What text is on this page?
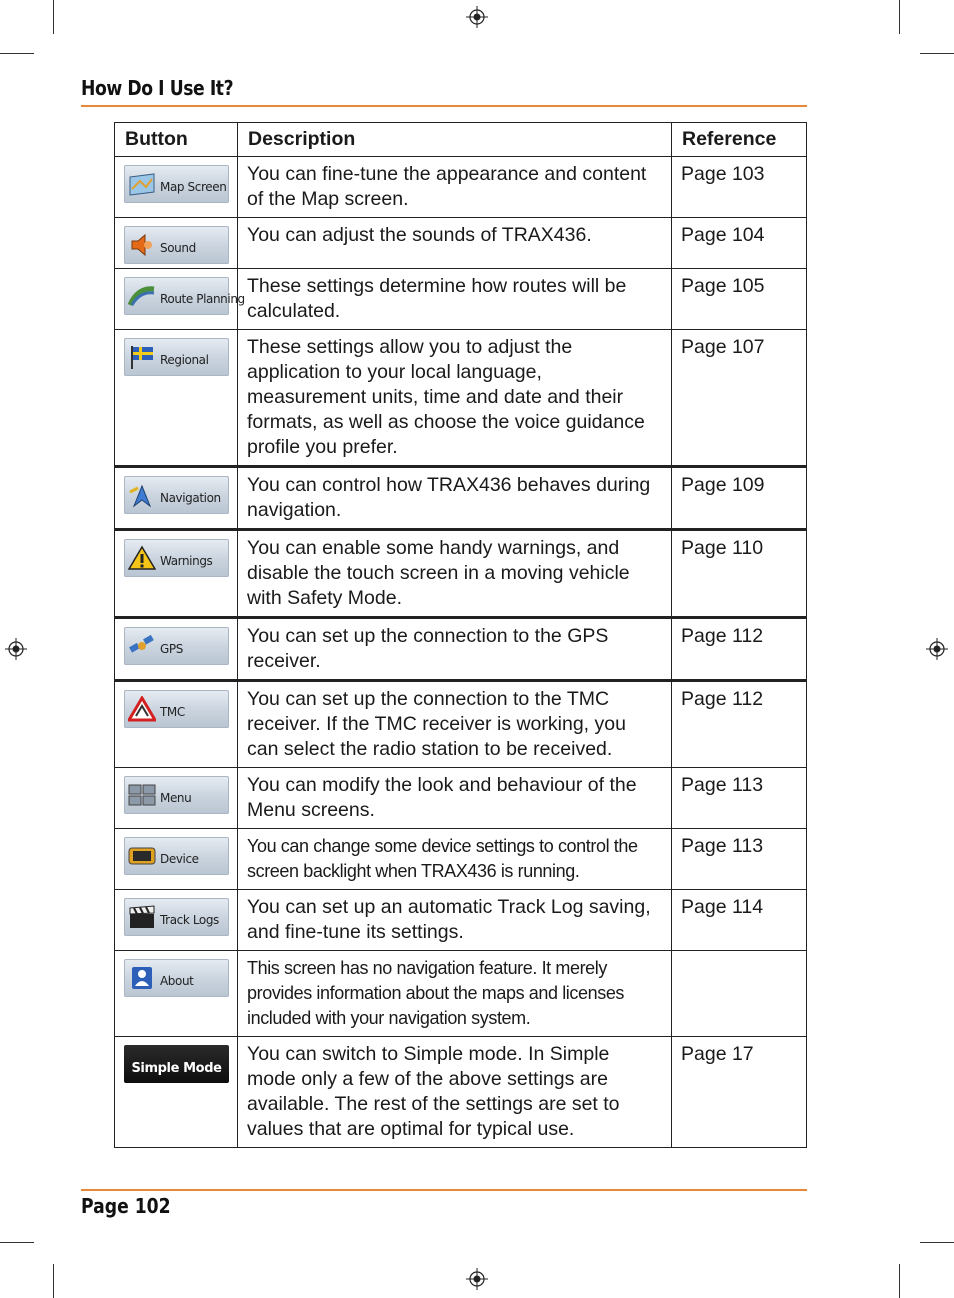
How Do I Use It?
Button	Description	Reference

Map Screen	You can fine-tune the appearance and content of the Map screen.	Page 103

Sound	You can adjust the sounds of TRAX436.	Page 104

Route Planning	These settings determine how routes will be calculated.	Page 105

Regional	These settings allow you to adjust the application to your local language, measurement units, time and date and their formats, as well as choose the voice guidance profile you prefer.	Page 107

Navigation	You can control how TRAX436 behaves during navigation.	Page 109

Warnings	You can enable some handy warnings, and disable the touch screen in a moving vehicle with Safety Mode.	Page 110

GPS	You can set up the connection to the GPS receiver.	Page 112

TMC	You can set up the connection to the TMC receiver. If the TMC receiver is working, you can select the radio station to be received.	Page 112

Menu	You can modify the look and behaviour of the Menu screens.	Page 113

Device	You can change some device settings to control the screen backlight when TRAX436 is running.	Page 113

Track Logs	You can set up an automatic Track Log saving, and fine-tune its settings.	Page 114

About	This screen has no navigation feature. It merely provides information about the maps and licenses included with your navigation system.	

Simple Mode	You can switch to Simple mode. In Simple mode only a few of the above settings are available. The rest of the settings are set to values that are optimal for typical use.	Page 17
Page 102
